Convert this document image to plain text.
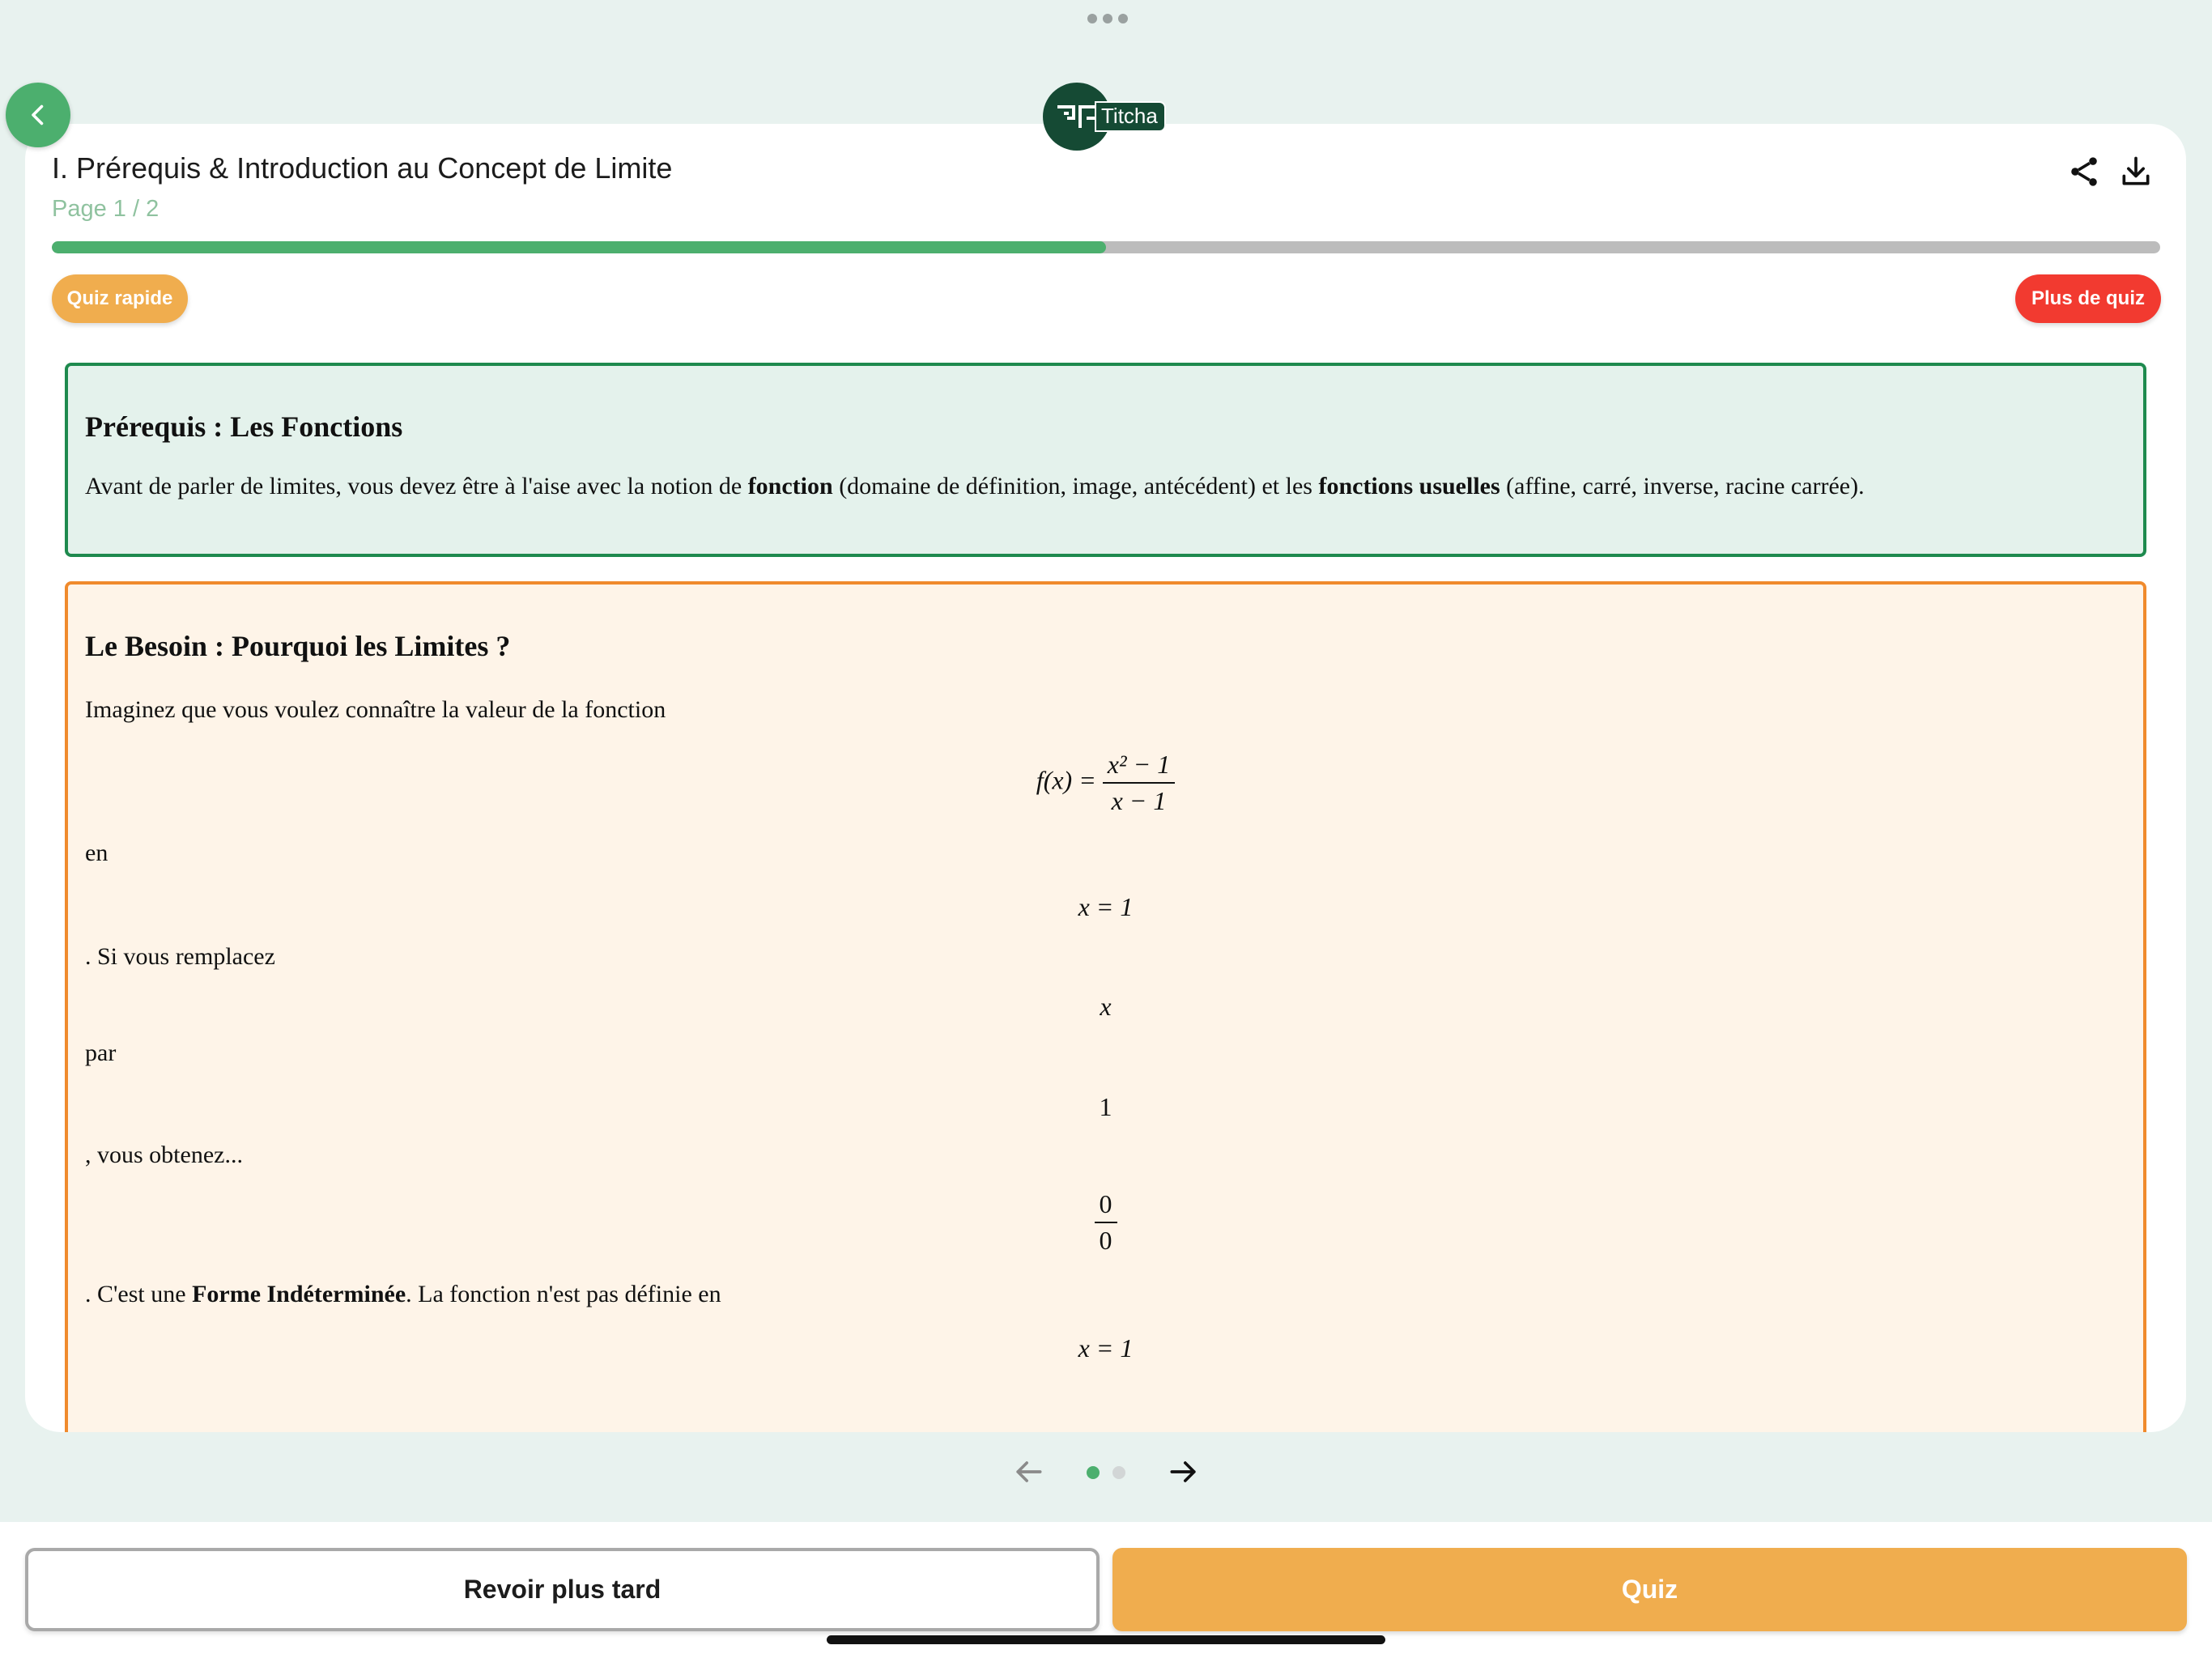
Titcha
I. Prérequis & Introduction au Concept de Limite
Page 1 / 2
Quiz rapide	Plus de quiz
Prérequis : Les Fonctions

Avant de parler de limites, vous devez être à l'aise avec la notion de fonction (domaine de définition, image, antécédent) et les fonctions usuelles (affine, carré, inverse, racine carrée).

Le Besoin : Pourquoi les Limites ?
Imaginez que vous voulez connaître la valeur de la fonction
$f(x) = \frac{\text{x² − 1}}{x - 1}$
en
x = 1
. Si vous remplacez
x
par
1
, vous obtenez...
$\frac{0}{0}$
. C'est une Forme Indéterminée. La fonction n'est pas définie en
x = 1
Revoir plus tard	Quiz
